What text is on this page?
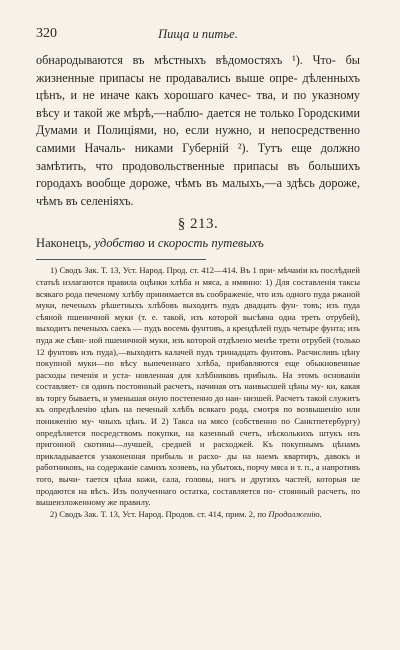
320	Пища и питье.

обнародываются въ мѣстныхъ вѣдомостяхъ ¹). Что- бы жизненные припасы не продавались выше опре- дѣленныхъ цѣнъ, и не иначе какъ хорошаго качес- тва, и по указному вѣсу и такой же мѣрѣ,—наблю- дается не только Городскими Думами и Полиціями, но, если нужно, и непосредственно самими Началь- никами Губерній ²). Тутъ еще должно замѣтить, что продовольственные припасы въ большихъ городахъ вообще дороже, чѣмъ въ малыхъ,—а здѣсь дороже, чѣмъ въ селеніяхъ.

§ 213.

Наконецъ, удобство и скорость путевыхъ

1) Сводъ Зак. Т. 13, Уст. Народ. Прод. ст. 412—414. Въ 1 при- мѣчаніи къ послѣдней статьѣ излагаются правила оцѣнки хлѣба и мяса, а имянно: 1) Для составленія таксы всякаго рода печеному хлѣбу принимается въ соображеніе, что изъ одного пуда ржаной муки, печеныхъ рѣшетныхъ хлѣбовъ выходитъ пудъ двадцать фун- товъ; изъ пуда сѣяной пшеничной муки (т. е. такой, изъ которой высѣяна одна треть отрубей), выходитъ печеныхъ саекъ — пудъ восемь фунтовъ, а крендѣлей пудъ четыре фунта; изъ пуда же сѣян- ной пшеничной муки, изъ которой отдѣлено менѣе трети отрубей (только 12 фунтовъ изъ пуда),—выходитъ калачей пудъ тринадцать фунтовъ. Расчисливъ цѣну покупной муки—по вѣсу выпеченнаго хлѣба, прибавляются еще обыкновенные расходы печенія и уста- новленная для хлѣбниковъ прибыль. На этомъ основаніи составляет- ся одинъ постоянный расчетъ, начиная отъ наивысшей цѣны му- ки, какая въ торгу бываетъ, и уменьшая оную постепенно до наи- низшей. Расчетъ такой служитъ къ опредѣленію цѣнъ на печеный хлѣбъ всякаго рода, смотря по возвышенію или пониженію му- чныхъ цѣнъ. И 2) Такса на мясо (собственно по Санктпетербургу) опредѣляется посредствомъ покупки, на казенный счетъ, нѣсколькихъ штукъ изъ пригонной скотины—лучшей, средней и расходжей. Къ покупнымъ цѣнамъ прикладывается узаконенная прибыль и расхо- ды на наемъ квартиръ, давокъ и работниковъ, на содержаніе самихъ хозяевъ, на убытокъ, порчу мяса и т. п., а напротивъ того, вычи- тается цѣна кожи, сала, головы, ногъ и другихъ частей, которыя не продаются на вѣсъ. Изъ полученнаго остатка, составляется по- стоянный расчетъ, по вышеизложенному же правилу.

2) Сводъ Зак. Т. 13, Уст. Народ. Продов. ст. 414, прим. 2, по Продолженію.
